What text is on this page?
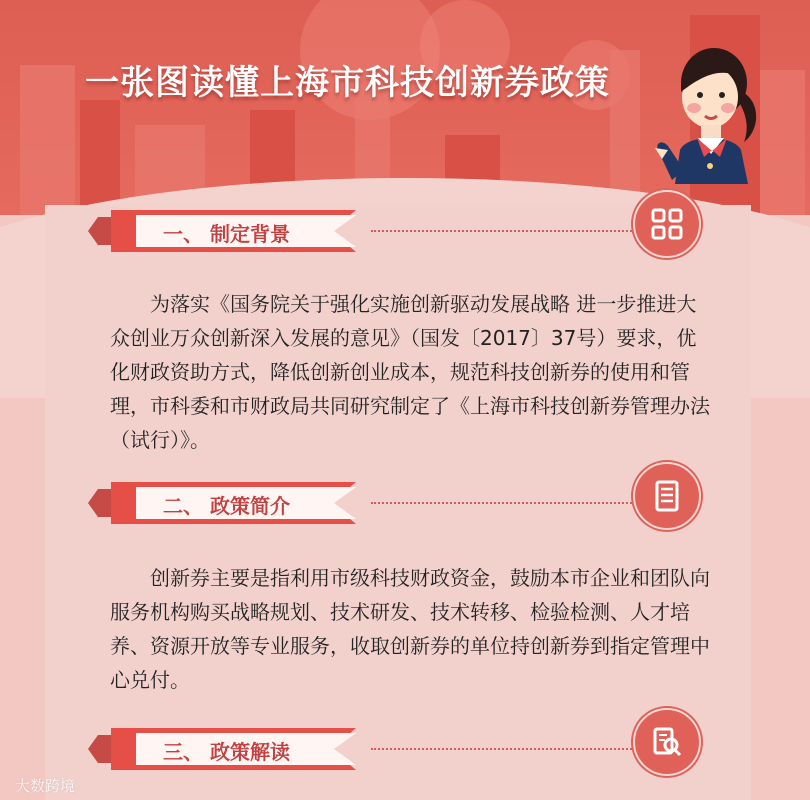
一张图读懂上海市科技创新券政策
一、 制定背景

为落实《国务院关于强化实施创新驱动发展战略 进一步推进大众创业万众创新深入发展的意见》（国发〔2017〕37号）要求，优化财政资助方式，降低创新创业成本，规范科技创新券的使用和管理，市科委和市财政局共同研究制定了《上海市科技创新券管理办法（试行）》。

二、 政策简介

创新券主要是指利用市级科技财政资金，鼓励本市企业和团队向服务机构购买战略规划、技术研发、技术转移、检验检测、人才培养、资源开放等专业服务，收取创新券的单位持创新券到指定管理中心兑付。

三、 政策解读
大数跨境
